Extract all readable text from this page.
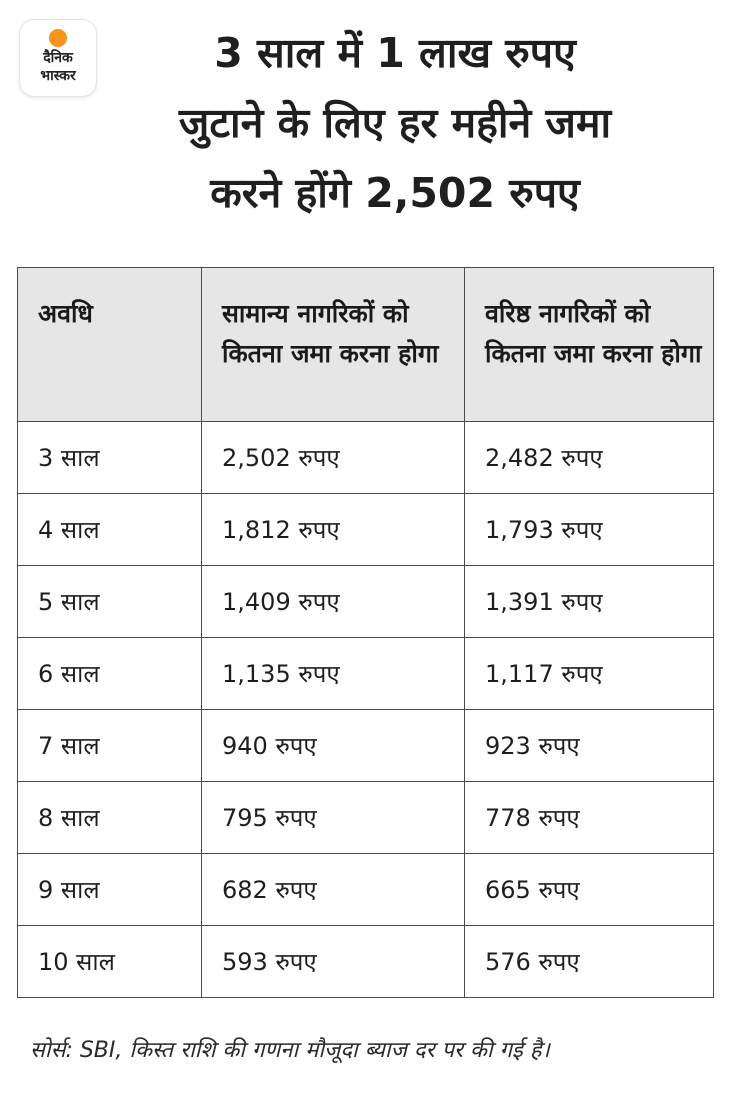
दैनिक
भास्कर	3 साल में 1 लाख रुपए
जुटाने के लिए हर महीने जमा
करने होंगे 2,502 रुपए
अवधि	सामान्य नागरिकों को कितना जमा करना होगा	वरिष्ठ नागरिकों को कितना जमा करना होगा
3 साल	2,502 रुपए	2,482 रुपए
4 साल	1,812 रुपए	1,793 रुपए
5 साल	1,409 रुपए	1,391 रुपए
6 साल	1,135 रुपए	1,117 रुपए
7 साल	940 रुपए	923 रुपए
8 साल	795 रुपए	778 रुपए
9 साल	682 रुपए	665 रुपए
10 साल	593 रुपए	576 रुपए
सोर्स: SBI, किस्त राशि की गणना मौजूदा ब्याज दर पर की गई है।
